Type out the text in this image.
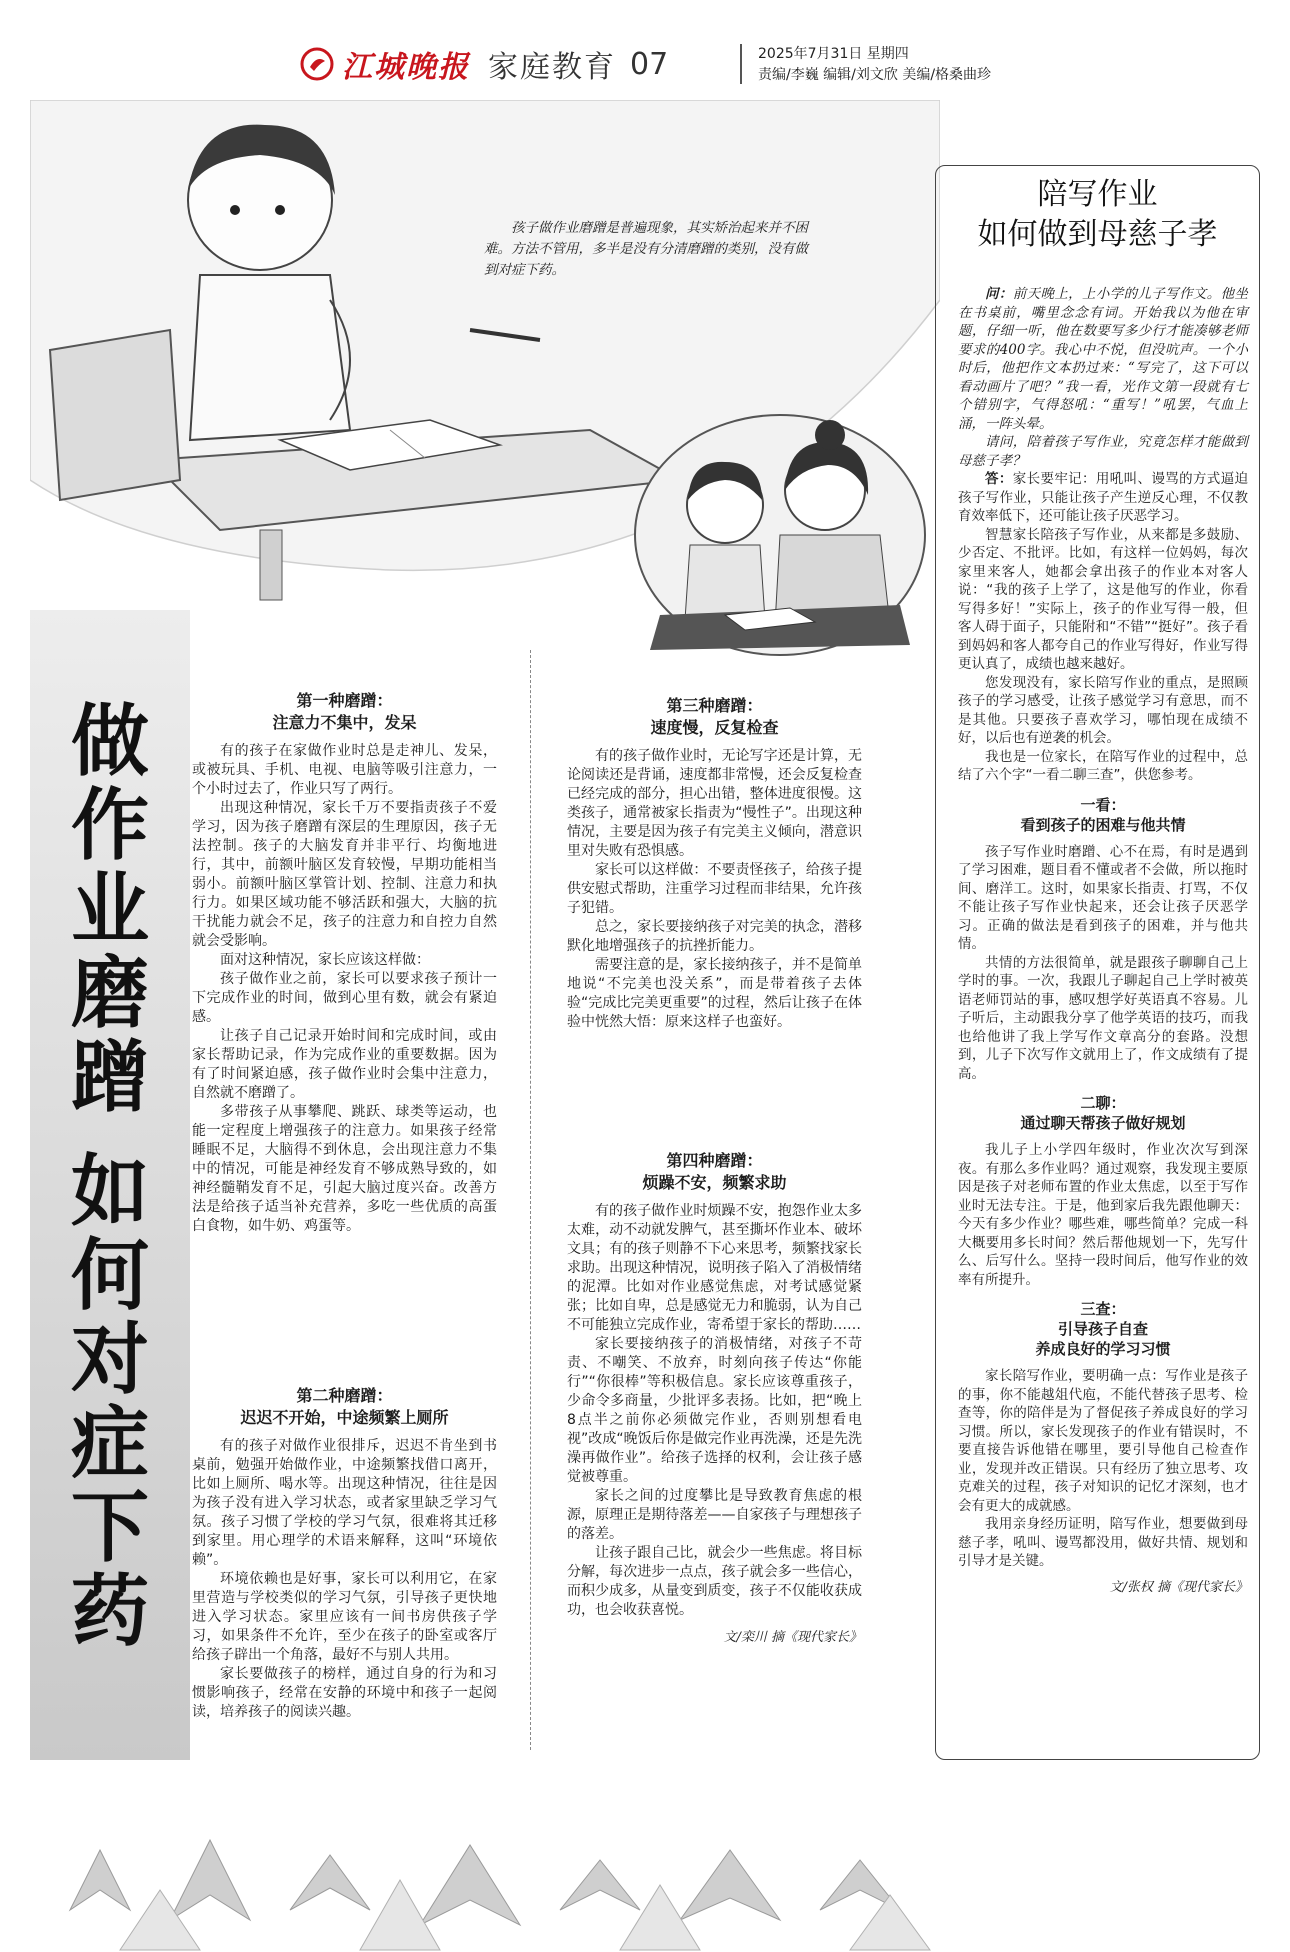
江城晚报 家庭教育 07	2025年7月31日 星期四
责编/李巍 编辑/刘文欣 美编/格桑曲珍
孩子做作业磨蹭是普遍现象，其实矫治起来并不困难。方法不管用，多半是没有分清磨蹭的类别，没有做到对症下药。
做
作
业
磨
蹭
如
何
对
症
下
药
第一种磨蹭：
注意力不集中，发呆

有的孩子在家做作业时总是走神儿、发呆，或被玩具、手机、电视、电脑等吸引注意力，一个小时过去了，作业只写了两行。

出现这种情况，家长千万不要指责孩子不爱学习，因为孩子磨蹭有深层的生理原因，孩子无法控制。孩子的大脑发育并非平行、均衡地进行，其中，前额叶脑区发育较慢，早期功能相当弱小。前额叶脑区掌管计划、控制、注意力和执行力。如果区域功能不够活跃和强大，大脑的抗干扰能力就会不足，孩子的注意力和自控力自然就会受影响。

面对这种情况，家长应该这样做：

孩子做作业之前，家长可以要求孩子预计一下完成作业的时间，做到心里有数，就会有紧迫感。

让孩子自己记录开始时间和完成时间，或由家长帮助记录，作为完成作业的重要数据。因为有了时间紧迫感，孩子做作业时会集中注意力，自然就不磨蹭了。

多带孩子从事攀爬、跳跃、球类等运动，也能一定程度上增强孩子的注意力。如果孩子经常睡眠不足，大脑得不到休息，会出现注意力不集中的情况，可能是神经发育不够成熟导致的，如神经髓鞘发育不足，引起大脑过度兴奋。改善方法是给孩子适当补充营养，多吃一些优质的高蛋白食物，如牛奶、鸡蛋等。

第二种磨蹭：
迟迟不开始，中途频繁上厕所

有的孩子对做作业很排斥，迟迟不肯坐到书桌前，勉强开始做作业，中途频繁找借口离开，比如上厕所、喝水等。出现这种情况，往往是因为孩子没有进入学习状态，或者家里缺乏学习气氛。孩子习惯了学校的学习气氛，很难将其迁移到家里。用心理学的术语来解释，这叫“环境依赖”。

环境依赖也是好事，家长可以利用它，在家里营造与学校类似的学习气氛，引导孩子更快地进入学习状态。家里应该有一间书房供孩子学习，如果条件不允许，至少在孩子的卧室或客厅给孩子辟出一个角落，最好不与别人共用。

家长要做孩子的榜样，通过自身的行为和习惯影响孩子，经常在安静的环境中和孩子一起阅读，培养孩子的阅读兴趣。

第三种磨蹭：
速度慢，反复检查

有的孩子做作业时，无论写字还是计算，无论阅读还是背诵，速度都非常慢，还会反复检查已经完成的部分，担心出错，整体进度很慢。这类孩子，通常被家长指责为“慢性子”。出现这种情况，主要是因为孩子有完美主义倾向，潜意识里对失败有恐惧感。

家长可以这样做：不要责怪孩子，给孩子提供安慰式帮助，注重学习过程而非结果，允许孩子犯错。

总之，家长要接纳孩子对完美的执念，潜移默化地增强孩子的抗挫折能力。

需要注意的是，家长接纳孩子，并不是简单地说“不完美也没关系”，而是带着孩子去体验“完成比完美更重要”的过程，然后让孩子在体验中恍然大悟：原来这样子也蛮好。

第四种磨蹭：
烦躁不安，频繁求助

有的孩子做作业时烦躁不安，抱怨作业太多太难，动不动就发脾气，甚至撕坏作业本、破坏文具；有的孩子则静不下心来思考，频繁找家长求助。出现这种情况，说明孩子陷入了消极情绪的泥潭。比如对作业感觉焦虑，对考试感觉紧张；比如自卑，总是感觉无力和脆弱，认为自己不可能独立完成作业，寄希望于家长的帮助……

家长要接纳孩子的消极情绪，对孩子不苛责、不嘲笑、不放弃，时刻向孩子传达“你能行”“你很棒”等积极信息。家长应该尊重孩子，少命令多商量，少批评多表扬。比如，把“晚上8点半之前你必须做完作业，否则别想看电视”改成“晚饭后你是做完作业再洗澡，还是先洗澡再做作业”。给孩子选择的权利，会让孩子感觉被尊重。

家长之间的过度攀比是导致教育焦虑的根源，原理正是期待落差——自家孩子与理想孩子的落差。

让孩子跟自己比，就会少一些焦虑。将目标分解，每次进步一点点，孩子就会多一些信心，而积少成多，从量变到质变，孩子不仅能收获成功，也会收获喜悦。

文/栾川 摘《现代家长》
陪写作业
如何做到母慈子孝

问：前天晚上，上小学的儿子写作文。他坐在书桌前，嘴里念念有词。开始我以为他在审题，仔细一听，他在数要写多少行才能凑够老师要求的400字。我心中不悦，但没吭声。一个小时后，他把作文本扔过来：“写完了，这下可以看动画片了吧？”我一看，光作文第一段就有七个错别字，气得怒吼：“重写！”吼罢，气血上涌，一阵头晕。

请问，陪着孩子写作业，究竟怎样才能做到母慈子孝？

答：家长要牢记：用吼叫、谩骂的方式逼迫孩子写作业，只能让孩子产生逆反心理，不仅教育效率低下，还可能让孩子厌恶学习。

智慧家长陪孩子写作业，从来都是多鼓励、少否定、不批评。比如，有这样一位妈妈，每次家里来客人，她都会拿出孩子的作业本对客人说：“我的孩子上学了，这是他写的作业，你看写得多好！”实际上，孩子的作业写得一般，但客人碍于面子，只能附和“不错”“挺好”。孩子看到妈妈和客人都夸自己的作业写得好，作业写得更认真了，成绩也越来越好。

您发现没有，家长陪写作业的重点，是照顾孩子的学习感受，让孩子感觉学习有意思，而不是其他。只要孩子喜欢学习，哪怕现在成绩不好，以后也有逆袭的机会。

我也是一位家长，在陪写作业的过程中，总结了六个字“一看二聊三查”，供您参考。

一看：
看到孩子的困难与他共情

孩子写作业时磨蹭、心不在焉，有时是遇到了学习困难，题目看不懂或者不会做，所以拖时间、磨洋工。这时，如果家长指责、打骂，不仅不能让孩子写作业快起来，还会让孩子厌恶学习。正确的做法是看到孩子的困难，并与他共情。

共情的方法很简单，就是跟孩子聊聊自己上学时的事。一次，我跟儿子聊起自己上学时被英语老师罚站的事，感叹想学好英语真不容易。儿子听后，主动跟我分享了他学英语的技巧，而我也给他讲了我上学写作文章高分的套路。没想到，儿子下次写作文就用上了，作文成绩有了提高。

二聊：
通过聊天帮孩子做好规划

我儿子上小学四年级时，作业次次写到深夜。有那么多作业吗？通过观察，我发现主要原因是孩子对老师布置的作业太焦虑，以至于写作业时无法专注。于是，他到家后我先跟他聊天：今天有多少作业？哪些难，哪些简单？完成一科大概要用多长时间？然后帮他规划一下，先写什么、后写什么。坚持一段时间后，他写作业的效率有所提升。

三查：
引导孩子自查
养成良好的学习习惯

家长陪写作业，要明确一点：写作业是孩子的事，你不能越俎代庖，不能代替孩子思考、检查等，你的陪伴是为了督促孩子养成良好的学习习惯。所以，家长发现孩子的作业有错误时，不要直接告诉他错在哪里，要引导他自己检查作业，发现并改正错误。只有经历了独立思考、攻克难关的过程，孩子对知识的记忆才深刻，也才会有更大的成就感。

我用亲身经历证明，陪写作业，想要做到母慈子孝，吼叫、谩骂都没用，做好共情、规划和引导才是关键。

文/张权 摘《现代家长》
